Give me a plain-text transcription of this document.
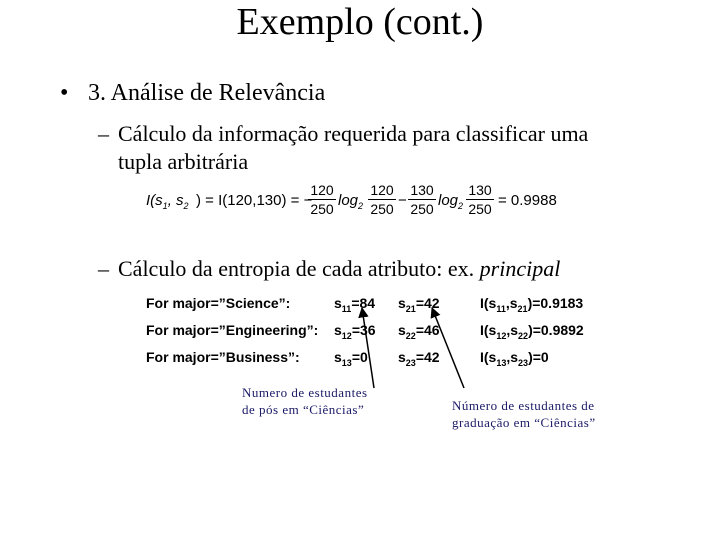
Exemplo (cont.)
• 3. Análise de Relevância
– Cálculo da informação requerida para classificar uma
tupla arbitrária
$I(s_1$, $s_2$ ) = I(120,130) = −
120
250 $\log_2$
120
250 −
130
250 $\log_2$
130
250 = 0.9988
– Cálculo da entropia de cada atributo: ex. principal
For major=”Science”:	$s_{11}=84$ $s_{21}=42$	$I(s_{11},s_{21})=0.9183$
For major=”Engineering”: $s_{12}=36$ $s_{22}=46$	$I(s_{12},s_{22})=0.9892$
For major=”Business”: $s_{13}=0$ $s_{23}=42$	$I(s_{13},s_{23})=0$
Numero de estudantes
de pós em “Ciências”	Número de estudantes de
graduação em “Ciências”
